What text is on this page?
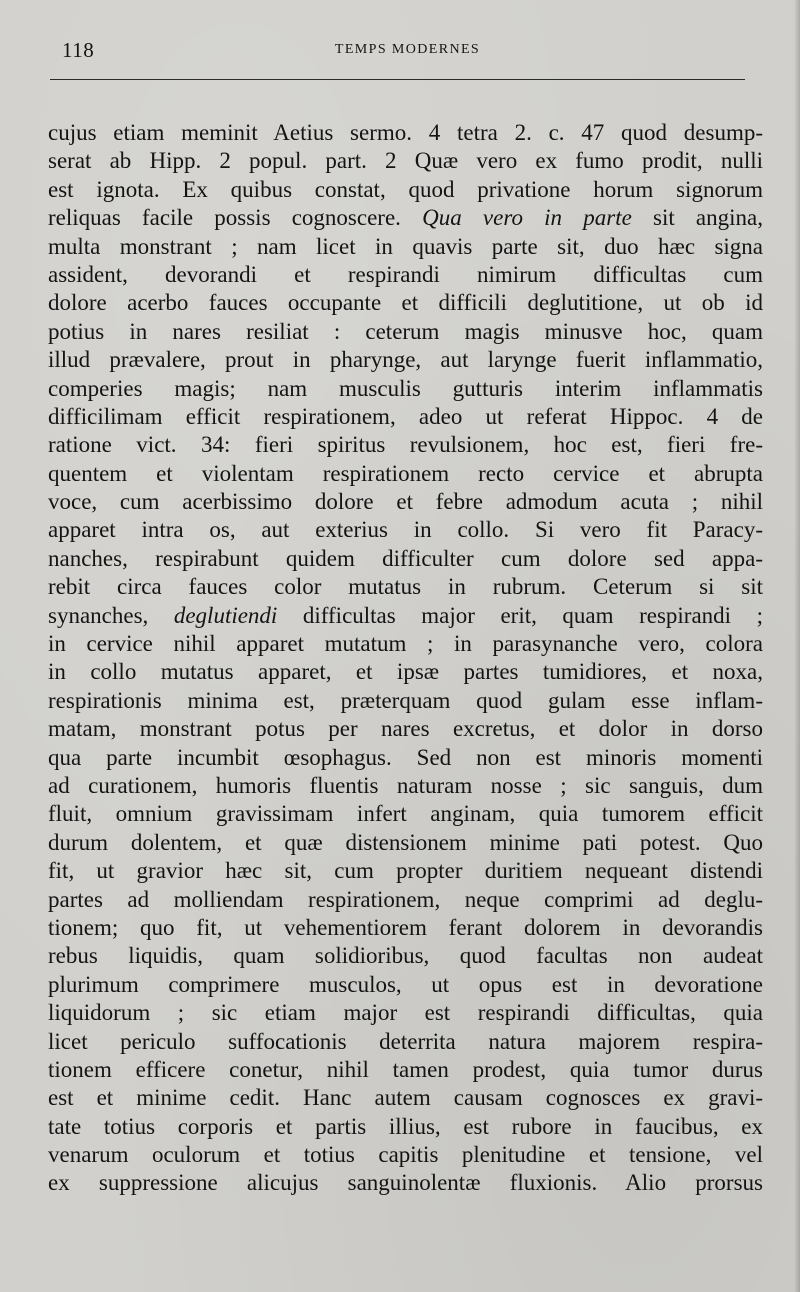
118	TEMPS MODERNES
cujus etiam meminit Aetius sermo. 4 tetra 2. c. 47 quod desump-
serat ab Hipp. 2 popul. part. 2 Quæ vero ex fumo prodit, nulli
est ignota. Ex quibus constat, quod privatione horum signorum
reliquas facile possis cognoscere. Qua vero in parte sit angina,
multa monstrant ; nam licet in quavis parte sit, duo hæc signa
assident, devorandi et respirandi nimirum difficultas cum
dolore acerbo fauces occupante et difficili deglutitione, ut ob id
potius in nares resiliat : ceterum magis minusve hoc, quam
illud prævalere, prout in pharynge, aut larynge fuerit inflammatio,
comperies magis; nam musculis gutturis interim inflammatis
difficilimam efficit respirationem, adeo ut referat Hippoc. 4 de
ratione vict. 34: fieri spiritus revulsionem, hoc est, fieri fre-
quentem et violentam respirationem recto cervice et abrupta
voce, cum acerbissimo dolore et febre admodum acuta ; nihil
apparet intra os, aut exterius in collo. Si vero fit Paracy-
nanches, respirabunt quidem difficulter cum dolore sed appa-
rebit circa fauces color mutatus in rubrum. Ceterum si sit
synanches, deglutiendi difficultas major erit, quam respirandi ;
in cervice nihil apparet mutatum ; in parasynanche vero, colora
in collo mutatus apparet, et ipsæ partes tumidiores, et noxa,
respirationis minima est, præterquam quod gulam esse inflam-
matam, monstrant potus per nares excretus, et dolor in dorso
qua parte incumbit œsophagus. Sed non est minoris momenti
ad curationem, humoris fluentis naturam nosse ; sic sanguis, dum
fluit, omnium gravissimam infert anginam, quia tumorem efficit
durum dolentem, et quæ distensionem minime pati potest. Quo
fit, ut gravior hæc sit, cum propter duritiem nequeant distendi
partes ad molliendam respirationem, neque comprimi ad deglu-
tionem; quo fit, ut vehementiorem ferant dolorem in devorandis
rebus liquidis, quam solidioribus, quod facultas non audeat
plurimum comprimere musculos, ut opus est in devoratione
liquidorum ; sic etiam major est respirandi difficultas, quia
licet periculo suffocationis deterrita natura majorem respira-
tionem efficere conetur, nihil tamen prodest, quia tumor durus
est et minime cedit. Hanc autem causam cognosces ex gravi-
tate totius corporis et partis illius, est rubore in faucibus, ex
venarum oculorum et totius capitis plenitudine et tensione, vel
ex suppressione alicujus sanguinolentæ fluxionis. Alio prorsus
